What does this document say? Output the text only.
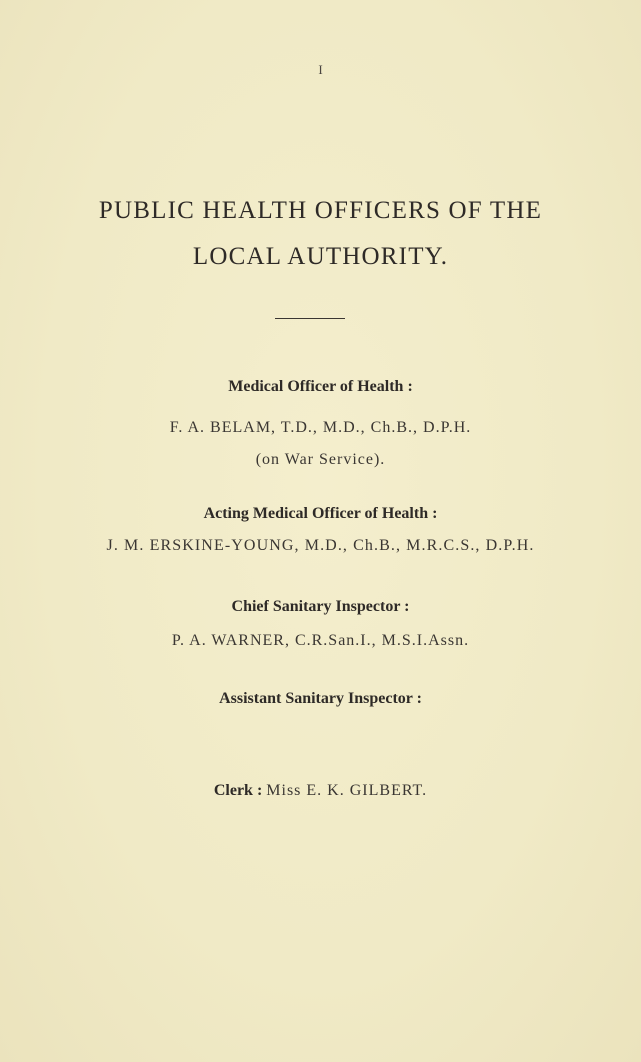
I
PUBLIC HEALTH OFFICERS OF THE
LOCAL AUTHORITY.
Medical Officer of Health :
F. A. BELAM, T.D., M.D., Ch.B., D.P.H.
(on War Service).
Acting Medical Officer of Health :
J. M. ERSKINE-YOUNG, M.D., Ch.B., M.R.C.S., D.P.H.
Chief Sanitary Inspector :
P. A. WARNER, C.R.San.I., M.S.I.Assn.
Assistant Sanitary Inspector :
Clerk : Miss E. K. GILBERT.
